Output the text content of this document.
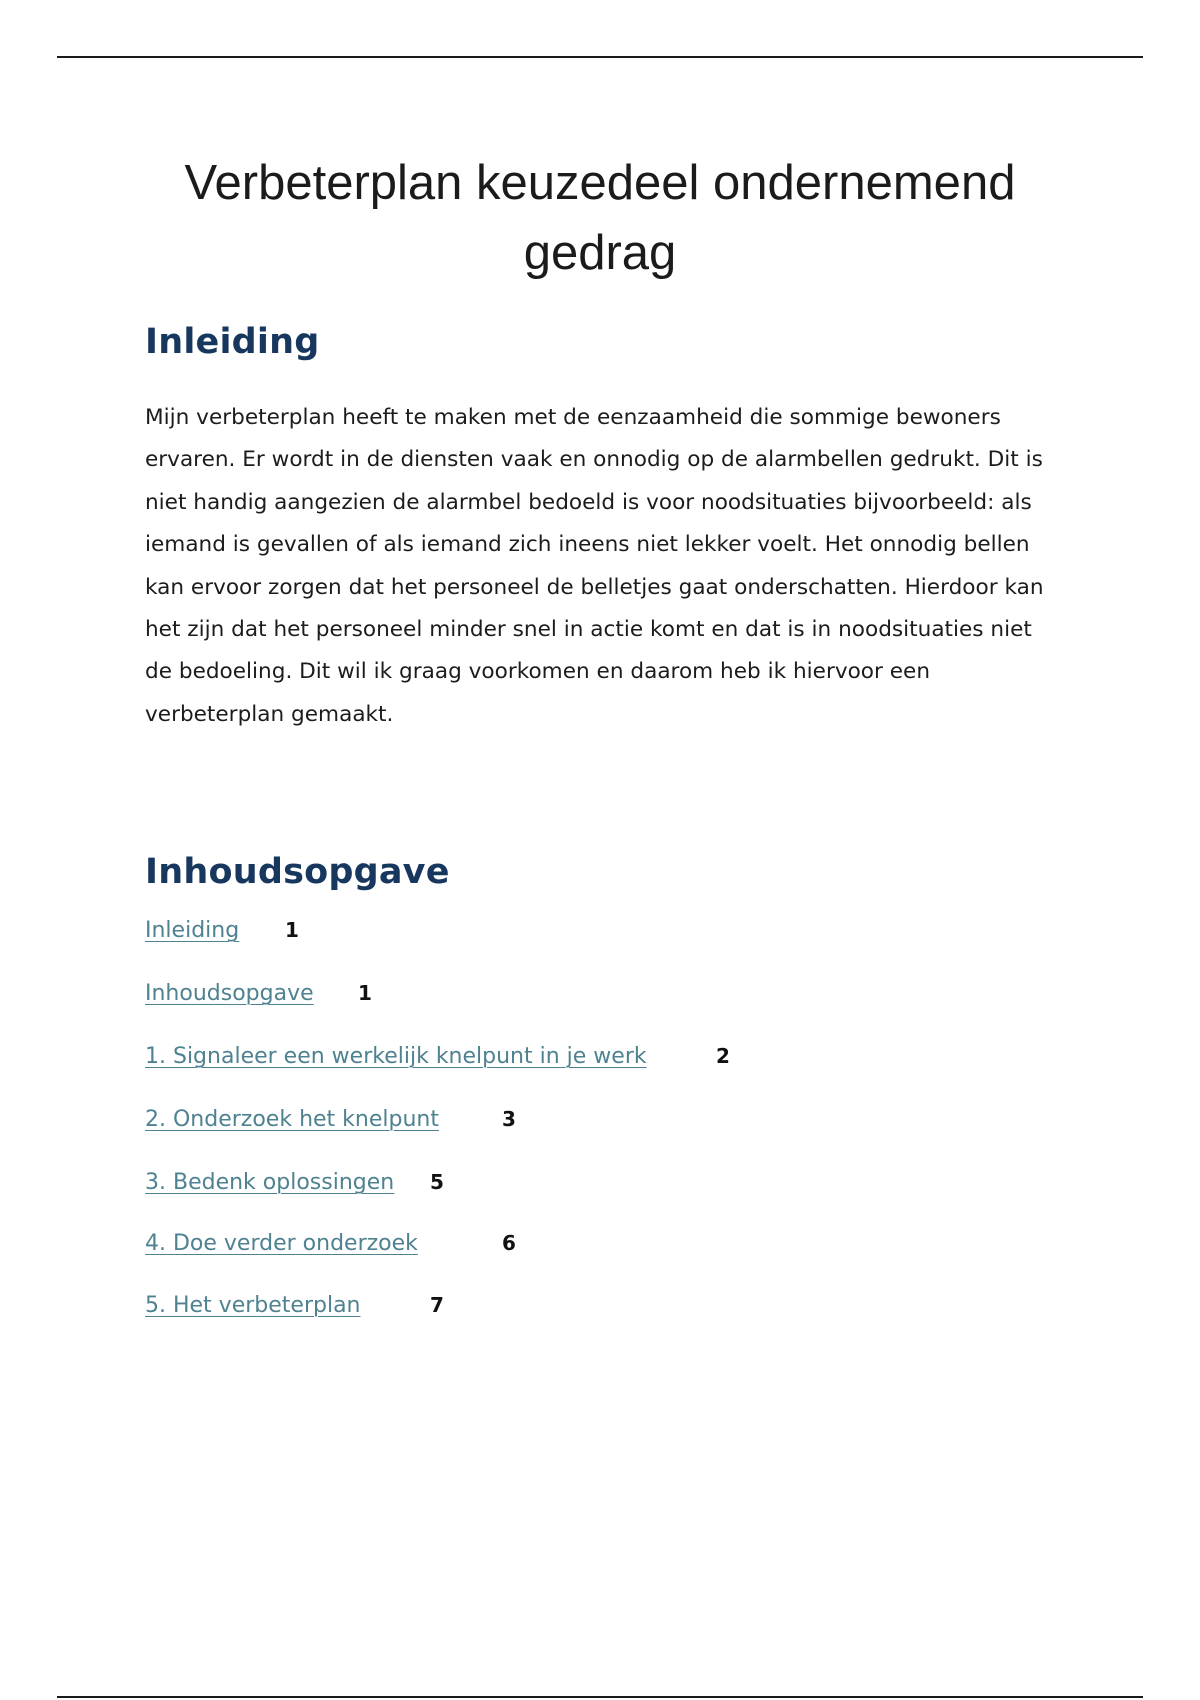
Verbeterplan keuzedeel ondernemend gedrag
Inleiding

Mijn verbeterplan heeft te maken met de eenzaamheid die sommige bewoners ervaren. Er wordt in de diensten vaak en onnodig op de alarmbellen gedrukt. Dit is niet handig aangezien de alarmbel bedoeld is voor noodsituaties bijvoorbeeld: als iemand is gevallen of als iemand zich ineens niet lekker voelt. Het onnodig bellen kan ervoor zorgen dat het personeel de belletjes gaat onderschatten. Hierdoor kan het zijn dat het personeel minder snel in actie komt en dat is in noodsituaties niet de bedoeling. Dit wil ik graag voorkomen en daarom heb ik hiervoor een verbeterplan gemaakt.

Inhoudsopgave
Inleiding 1
Inhoudsopgave 1
1. Signaleer een werkelijk knelpunt in je werk	2
2. Onderzoek het knelpunt	3
3. Bedenk oplossingen 5
4. Doe verder onderzoek	6
5. Het verbeterplan	7
